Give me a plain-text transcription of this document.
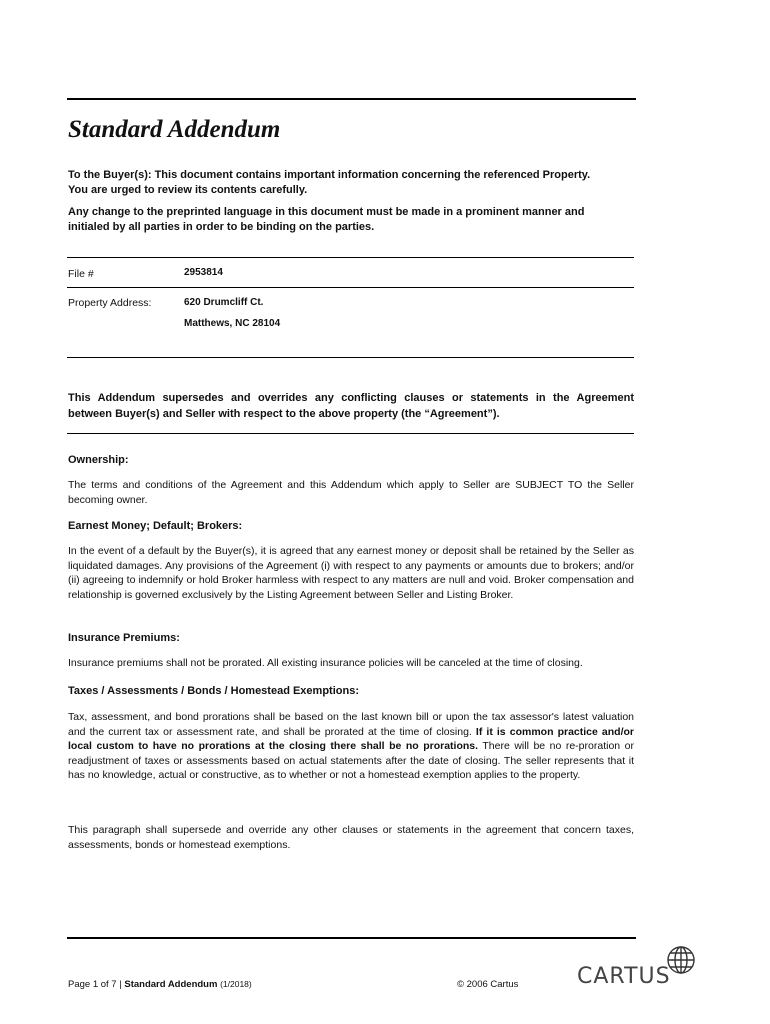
Standard Addendum
To the Buyer(s): This document contains important information concerning the referenced Property.
You are urged to review its contents carefully.
Any change to the preprinted language in this document must be made in a prominent manner and
initialed by all parties in order to be binding on the parties.
File #	2953814
Property Address:	620 Drumcliff Ct.
Matthews, NC 28104
This Addendum supersedes and overrides any conflicting clauses or statements in the Agreement
between Buyer(s) and Seller with respect to the above property (the “Agreement”).
Ownership:
The terms and conditions of the Agreement and this Addendum which apply to Seller are SUBJECT TO the Seller becoming owner.
Earnest Money; Default; Brokers:
In the event of a default by the Buyer(s), it is agreed that any earnest money or deposit shall be retained by the Seller as liquidated damages. Any provisions of the Agreement (i) with respect to any payments or amounts due to brokers; and/or (ii) agreeing to indemnify or hold Broker harmless with respect to any matters are null and void. Broker compensation and relationship is governed exclusively by the Listing Agreement between Seller and Listing Broker.
Insurance Premiums:
Insurance premiums shall not be prorated. All existing insurance policies will be canceled at the time of closing.
Taxes / Assessments / Bonds / Homestead Exemptions:
Tax, assessment, and bond prorations shall be based on the last known bill or upon the tax assessor's latest valuation and the current tax or assessment rate, and shall be prorated at the time of closing. If it is common practice and/or local custom to have no prorations at the closing there shall be no prorations. There will be no re-proration or readjustment of taxes or assessments based on actual statements after the date of closing. The seller represents that it has no knowledge, actual or constructive, as to whether or not a homestead exemption applies to the property.
This paragraph shall supersede and override any other clauses or statements in the agreement that concern taxes, assessments, bonds or homestead exemptions.
Page 1 of 7 | Standard Addendum (1/2018)	© 2006 Cartus	CARTUS
